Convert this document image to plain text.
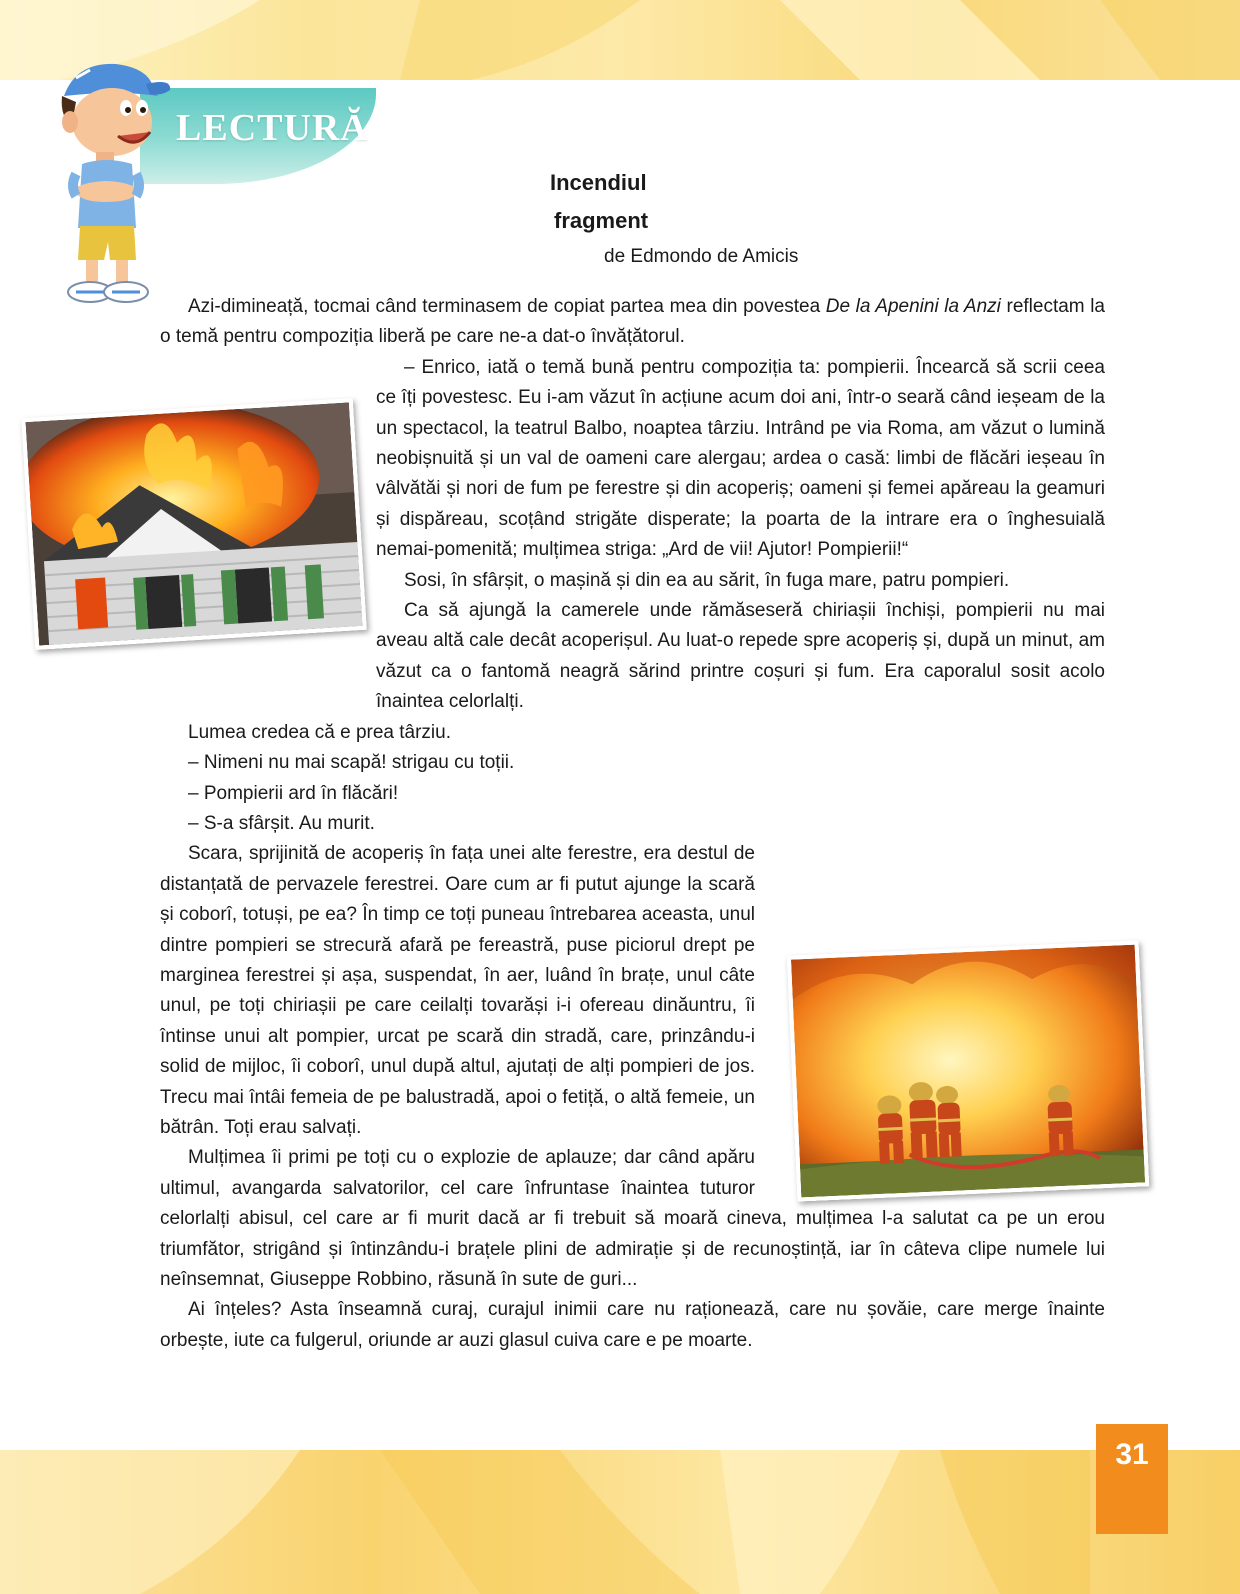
31
LECTURĂ
Incendiul
fragment
de Edmondo de Amicis

Azi-dimineață, tocmai când terminasem de copiat partea mea din povestea De la Apenini la Anzi reflectam la o temă pentru compoziția liberă pe care ne-a dat-o învățătorul.

– Enrico, iată o temă bună pentru compoziția ta: pompierii. Încearcă să scrii ceea ce îți povestesc. Eu i-am văzut în acțiune acum doi ani, într-o seară când ieșeam de la un spectacol, la teatrul Balbo, noaptea târziu. Intrând pe via Roma, am văzut o lumină neobișnuită și un val de oameni care alergau; ardea o casă: limbi de flăcări ieșeau în vâlvătăi și nori de fum pe ferestre și din acoperiș; oameni și femei apăreau la geamuri și dispăreau, scoțând strigăte disperate; la poarta de la intrare era o înghesuială nemai-pomenită; mulțimea striga: „Ard de vii! Ajutor! Pompierii!“

Sosi, în sfârșit, o mașină și din ea au sărit, în fuga mare, patru pompieri.

Ca să ajungă la camerele unde rămăseseră chiriașii închiși, pompierii nu mai aveau altă cale decât acoperișul. Au luat-o repede spre acoperiș și, după un minut, am văzut ca o fantomă neagră sărind printre coșuri și fum. Era caporalul sosit acolo înaintea celorlalți.

Lumea credea că e prea târziu.

– Nimeni nu mai scapă! strigau cu toții.

– Pompierii ard în flăcări!

– S-a sfârșit. Au murit.

Scara, sprijinită de acoperiș în fața unei alte ferestre, era destul de distanțată de pervazele ferestrei. Oare cum ar fi putut ajunge la scară și coborî, totuși, pe ea? În timp ce toți puneau întrebarea aceasta, unul dintre pompieri se strecură afară pe fereastră, puse piciorul drept pe marginea ferestrei și așa, suspendat, în aer, luând în brațe, unul câte unul, pe toți chiriașii pe care ceilalți tovarăși i-i ofereau dinăuntru, îi întinse unui alt pompier, urcat pe scară din stradă, care, prinzându-i solid de mijloc, îi coborî, unul după altul, ajutați de alți pompieri de jos. Trecu mai întâi femeia de pe balustradă, apoi o fetiță, o altă femeie, un bătrân. Toți erau salvați.

Mulțimea îi primi pe toți cu o explozie de aplauze; dar când apăru ultimul, avangarda salvatorilor, cel care înfruntase înaintea tuturor celorlalți abisul, cel care ar fi murit dacă ar fi trebuit să moară cineva, mulțimea l-a salutat ca pe un erou triumfător, strigând și întinzându-i brațele plini de admirație și de recunoștință, iar în câteva clipe numele lui neînsemnat, Giuseppe Robbino, răsună în sute de guri...

Ai înțeles? Asta înseamnă curaj, curajul inimii care nu raționează, care nu șovăie, care merge înainte orbește, iute ca fulgerul, oriunde ar auzi glasul cuiva care e pe moarte.
